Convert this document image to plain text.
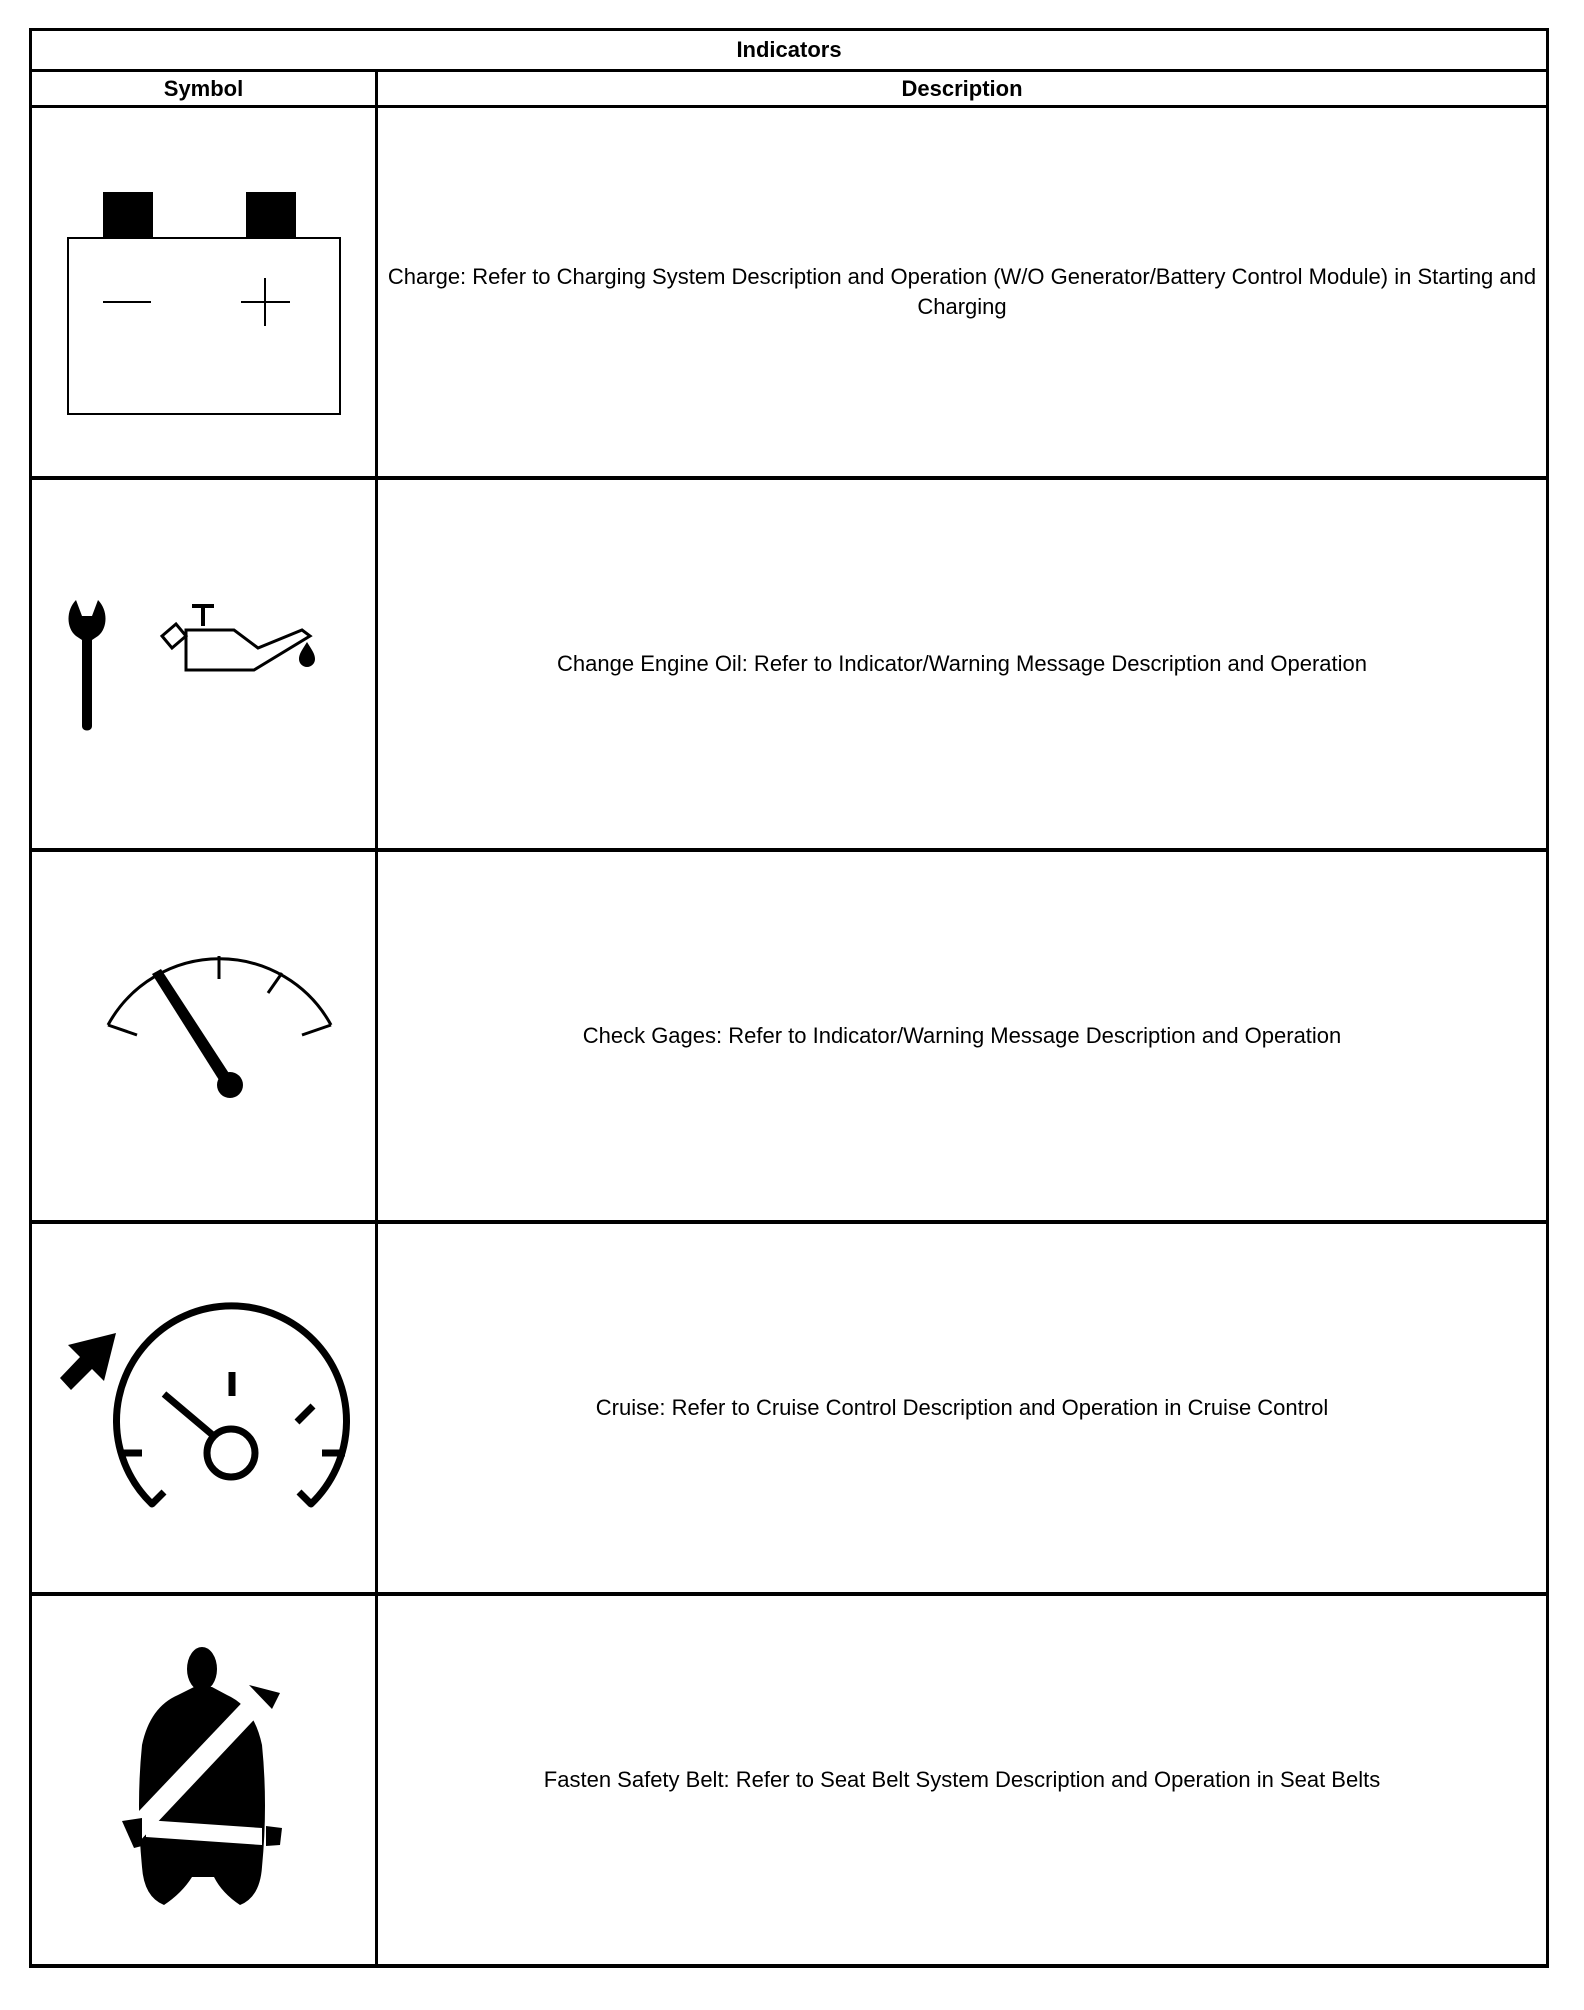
Indicators	
Symbol	Description

	Charge: Refer to Charging System Description and Operation (W/O Generator/Battery Control Module) in Starting and Charging

	Change Engine Oil: Refer to Indicator/Warning Message Description and Operation

	Check Gages: Refer to Indicator/Warning Message Description and Operation

	Cruise: Refer to Cruise Control Description and Operation in Cruise Control

	Fasten Safety Belt: Refer to Seat Belt System Description and Operation in Seat Belts
